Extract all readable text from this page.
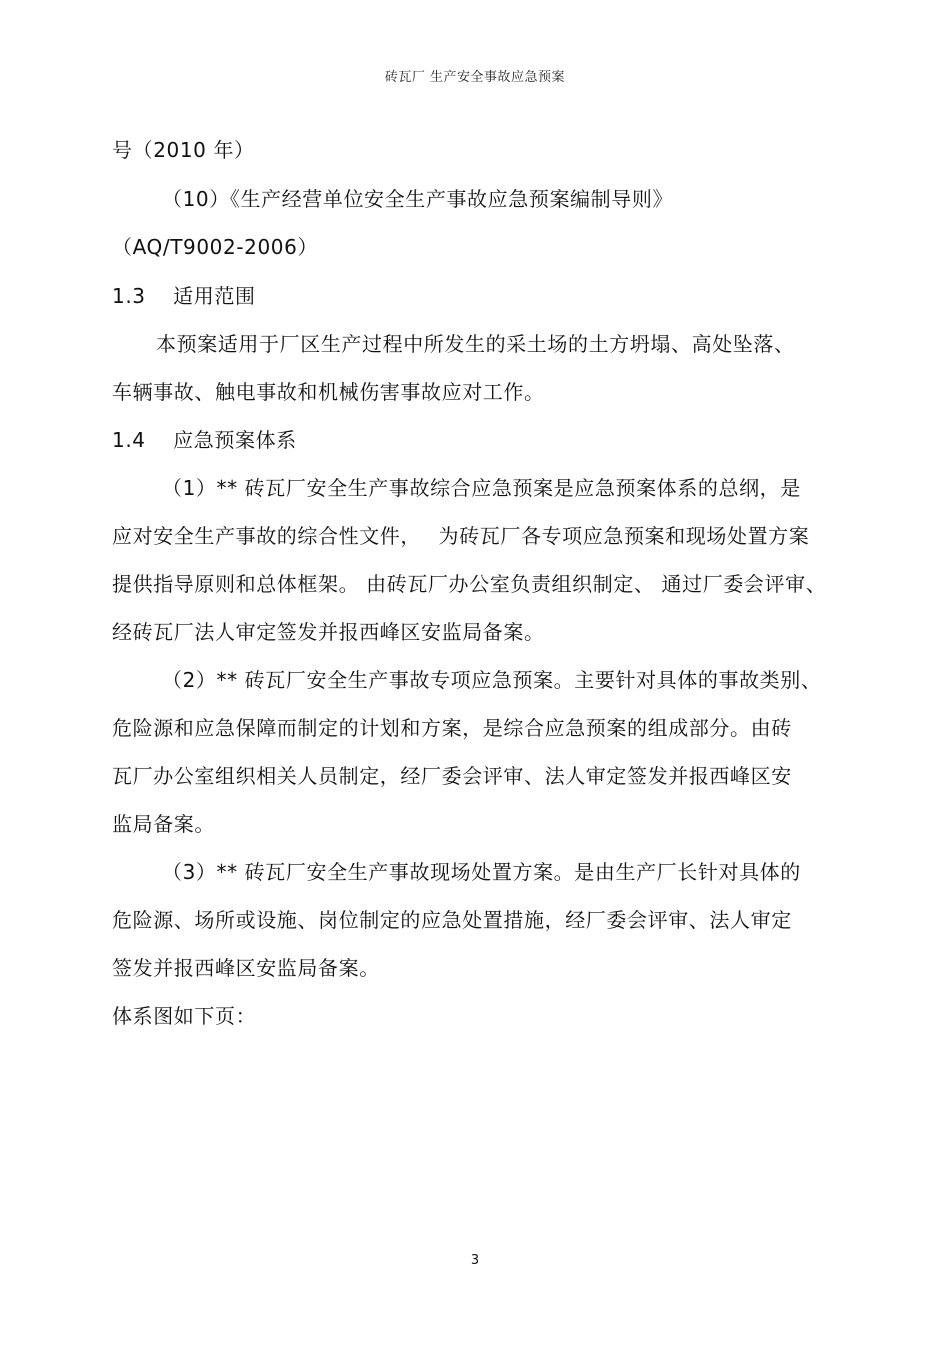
砖瓦厂 生产安全事故应急预案
号（2010 年）
（10）《生产经营单位安全生产事故应急预案编制导则》
（AQ/T9002-2006）
1.3　 适用范围
本预案适用于厂区生产过程中所发生的采土场的土方坍塌、高处坠落、
车辆事故、触电事故和机械伤害事故应对工作。
1.4　 应急预案体系
（1）** 砖瓦厂安全生产事故综合应急预案是应急预案体系的总纲，是
应对安全生产事故的综合性文件，　 为砖瓦厂各专项应急预案和现场处置方案
提供指导原则和总体框架。 由砖瓦厂办公室负责组织制定、 通过厂委会评审、
经砖瓦厂法人审定签发并报西峰区安监局备案。
（2）** 砖瓦厂安全生产事故专项应急预案。主要针对具体的事故类别、
危险源和应急保障而制定的计划和方案，是综合应急预案的组成部分。由砖
瓦厂办公室组织相关人员制定，经厂委会评审、法人审定签发并报西峰区安
监局备案。
（3）** 砖瓦厂安全生产事故现场处置方案。是由生产厂长针对具体的
危险源、场所或设施、岗位制定的应急处置措施，经厂委会评审、法人审定
签发并报西峰区安监局备案。
体系图如下页：
3
